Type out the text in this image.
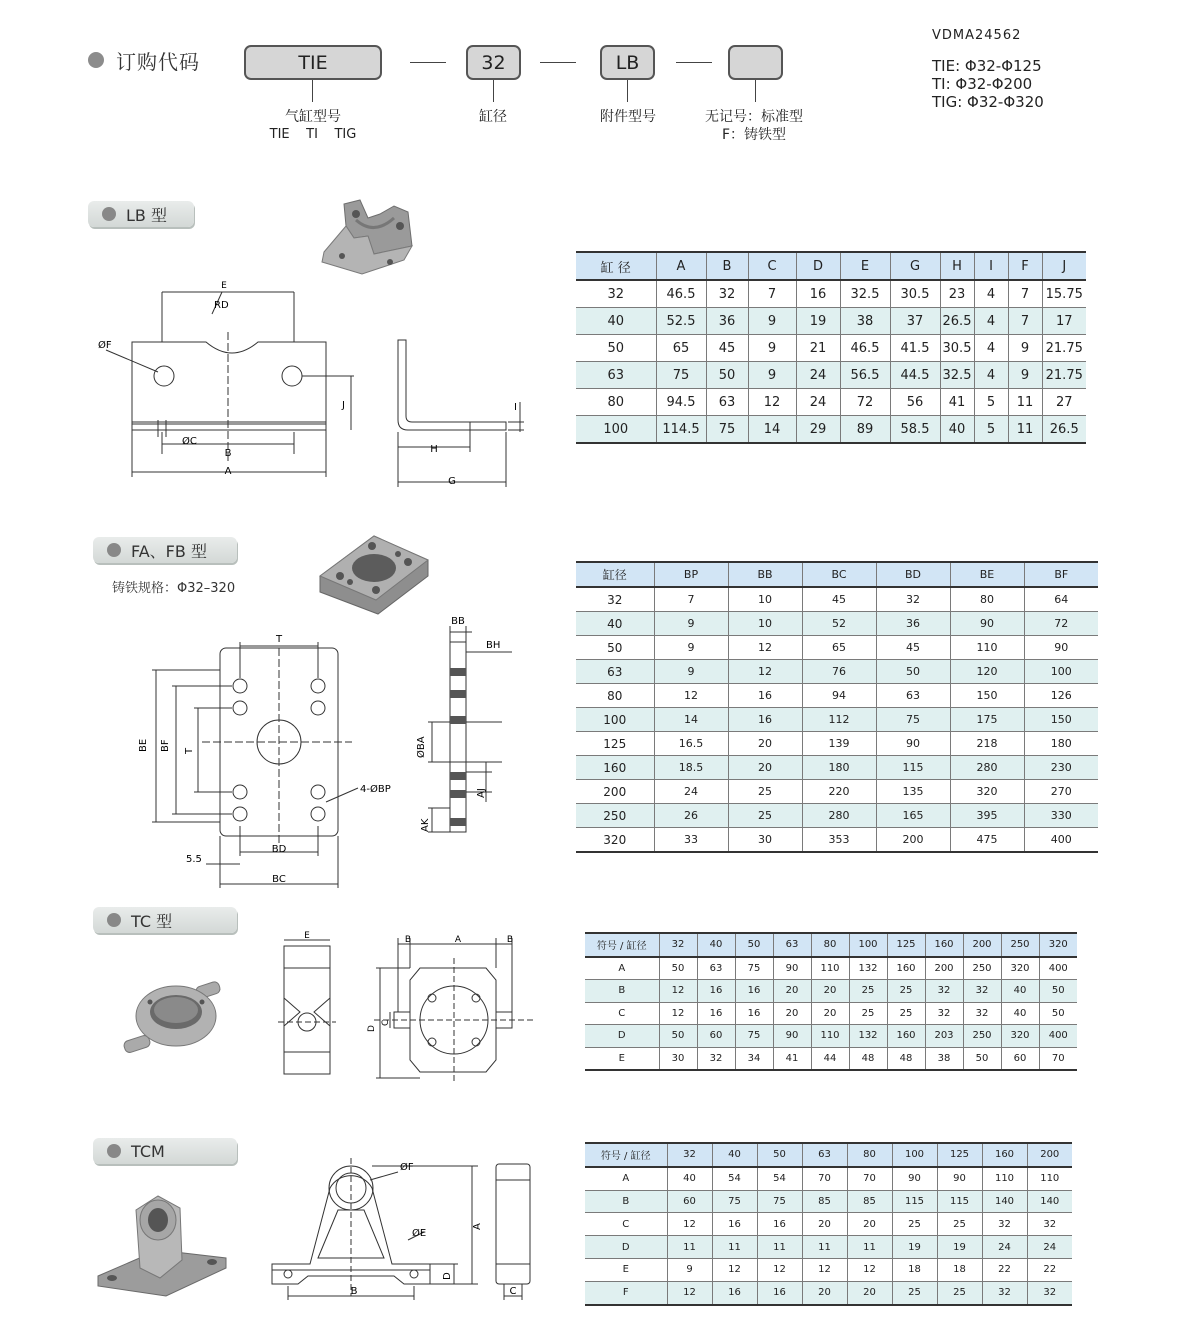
订购代码	TIE	32	LB
气缸型号
TIE    TI    TIG
缸径	附件型号	无记号：标准型
F：铸铁型
VDMA24562
TIE: Φ32-Φ125
TI: Φ32-Φ200
TIG: Φ32-Φ320
LB 型
E
RD
ØF
ØC
B
A
J
H
G
I
缸 径	A	B	C	D	E	G	H	I	F	J
32	46.5	32	7	16	32.5	30.5	23	4	7	15.75
40	52.5	36	9	19	38	37	26.5	4	7	17
50	65	45	9	21	46.5	41.5	30.5	4	9	21.75
63	75	50	9	24	56.5	44.5	32.5	4	9	21.75
80	94.5	63	12	24	72	56	41	5	11	27
100	114.5	75	14	29	89	58.5	40	5	11	26.5
FA、FB 型
铸铁规格：Φ32–320
T
BE BF T
4-ØBP
BD
BC
5.5
BB
BH
ØBA
AJ
AK
缸径	BP	BB	BC	BD	BE	BF
32	7	10	45	32	80	64
40	9	10	52	36	90	72
50	9	12	65	45	110	90
63	9	12	76	50	120	100
80	12	16	94	63	150	126
100	14	16	112	75	175	150
125	16.5	20	139	90	218	180
160	18.5	20	180	115	280	230
200	24	25	220	135	320	270
250	26	25	280	165	395	330
320	33	30	353	200	475	400
TC 型
E	B	A	B
D
C
符号 / 缸径	32	40	50	63	80	100	125	160	200	250	320
A	50	63	75	90	110	132	160	200	250	320	400
B	12	16	16	20	20	25	25	32	32	40	50
C	12	16	16	20	20	25	25	32	32	40	50
D	50	60	75	90	110	132	160	203	250	320	400
E	30	32	34	41	44	48	48	38	50	60	70
TCM
ØF
ØE
A
D
B	C
符号 / 缸径	32	40	50	63	80	100	125	160	200
A	40	54	54	70	70	90	90	110	110
B	60	75	75	85	85	115	115	140	140
C	12	16	16	20	20	25	25	32	32
D	11	11	11	11	11	19	19	24	24
E	9	12	12	12	12	18	18	22	22
F	12	16	16	20	20	25	25	32	32
